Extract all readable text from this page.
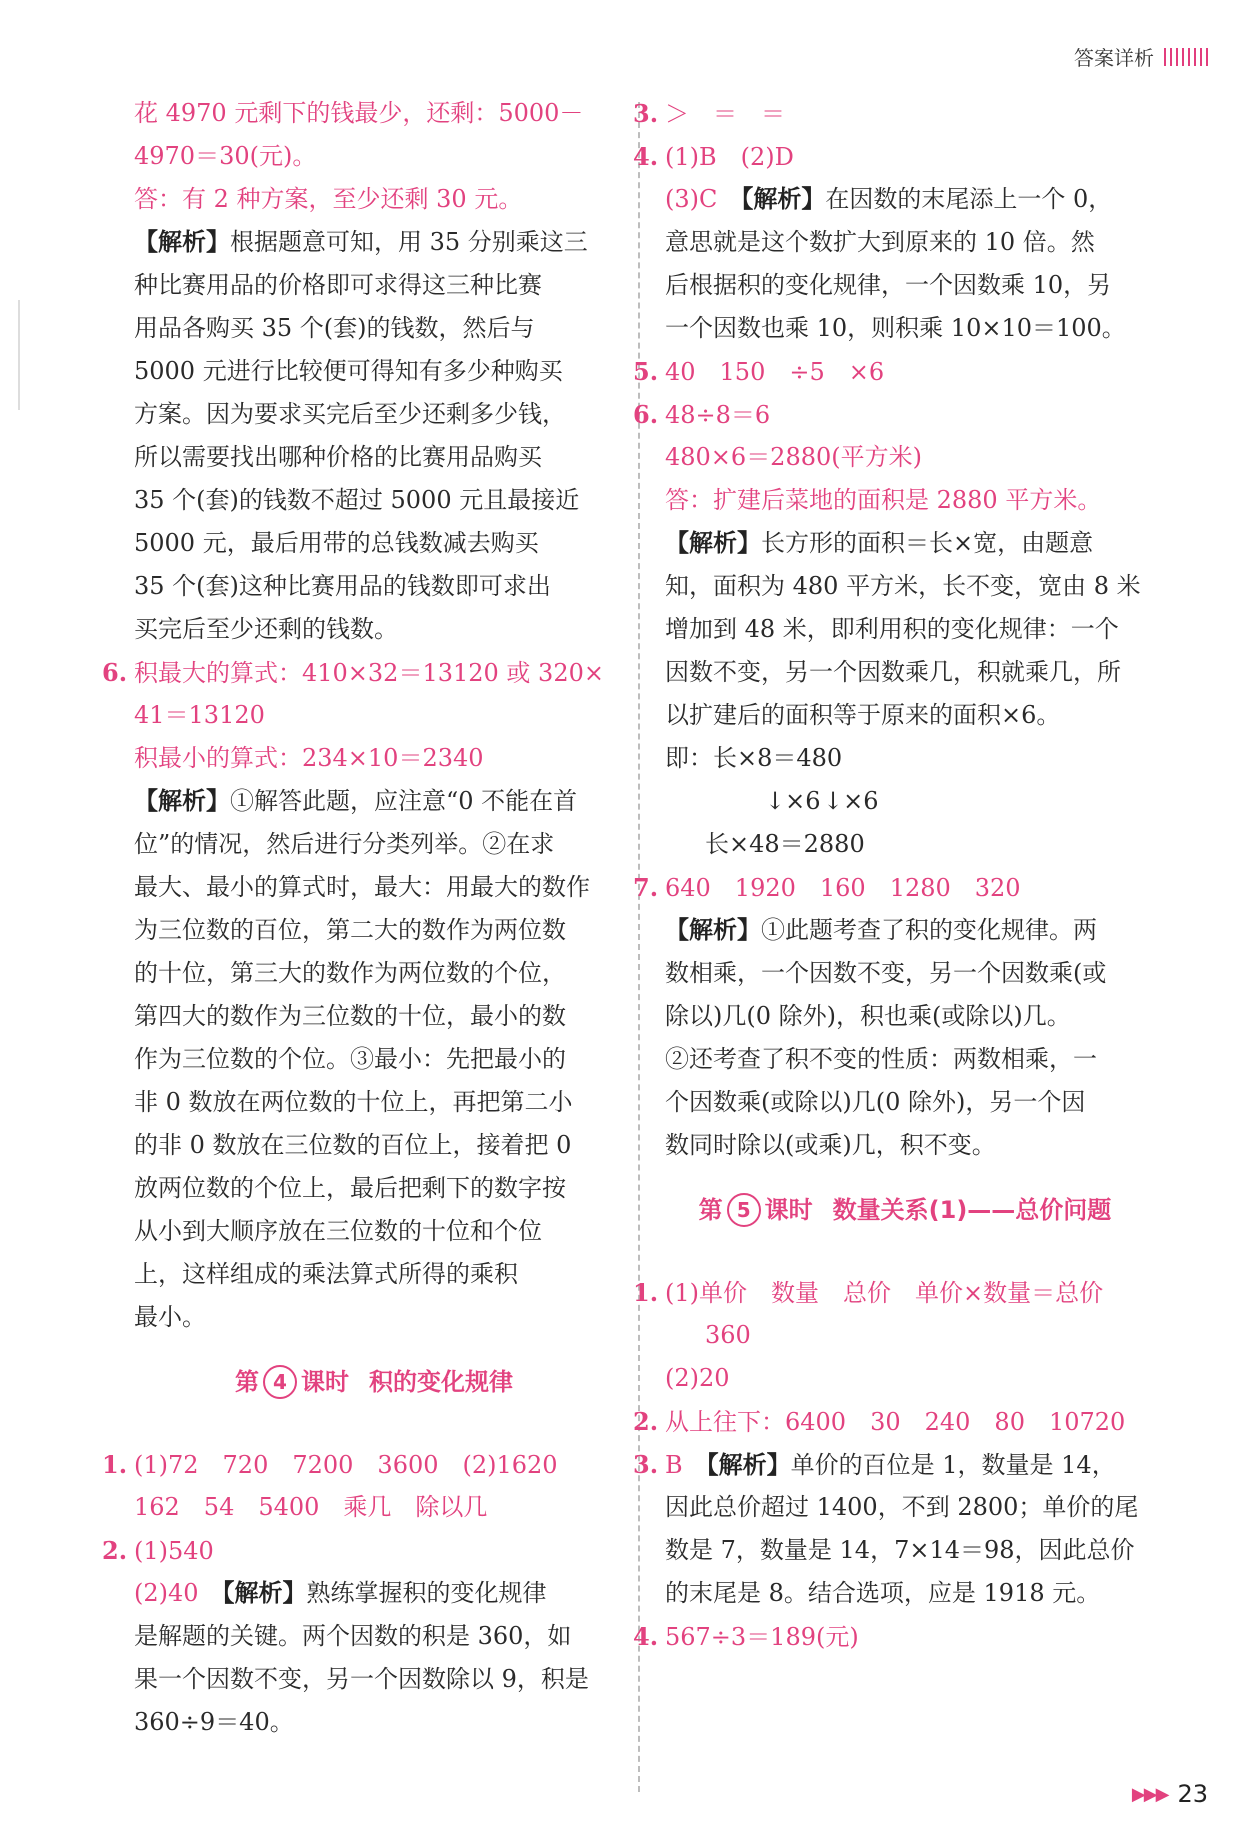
答案详析
花 4970 元剩下的钱最少，还剩：5000－
4970＝30(元)。
答：有 2 种方案，至少还剩 30 元。
【解析】根据题意可知，用 35 分别乘这三
种比赛用品的价格即可求得这三种比赛
用品各购买 35 个(套)的钱数，然后与
5000 元进行比较便可得知有多少种购买
方案。因为要求买完后至少还剩多少钱，
所以需要找出哪种价格的比赛用品购买
35 个(套)的钱数不超过 5000 元且最接近
5000 元，最后用带的总钱数减去购买
35 个(套)这种比赛用品的钱数即可求出
买完后至少还剩的钱数。
6. 积最大的算式：410×32＝13120 或 320×
41＝13120
积最小的算式：234×10＝2340
【解析】①解答此题，应注意“0 不能在首
位”的情况，然后进行分类列举。②在求
最大、最小的算式时，最大：用最大的数作
为三位数的百位，第二大的数作为两位数
的十位，第三大的数作为两位数的个位，
第四大的数作为三位数的十位，最小的数
作为三位数的个位。③最小：先把最小的
非 0 数放在两位数的十位上，再把第二小
的非 0 数放在三位数的百位上，接着把 0
放两位数的个位上，最后把剩下的数字按
从小到大顺序放在三位数的十位和个位
上，这样组成的乘法算式所得的乘积
最小。
第 4 课时 积的变化规律
1. (1)72　720　7200　3600　(2)1620
162　54　5400　乘几　除以几
2. (1)540
(2)40　 【解析】熟练掌握积的变化规律
是解题的关键。两个因数的积是 360，如
果一个因数不变，另一个因数除以 9，积是
360÷9＝40。
3. ＞　＝　＝
4. (1)B　(2)D
(3)C　 【解析】在因数的末尾添上一个 0，
意思就是这个数扩大到原来的 10 倍。然
后根据积的变化规律，一个因数乘 10，另
一个因数也乘 10，则积乘 10×10＝100。
5. 40　150　÷5　×6
6. 48÷8＝6
480×6＝2880(平方米)
答：扩建后菜地的面积是 2880 平方米。
【解析】长方形的面积＝长×宽，由题意
知，面积为 480 平方米，长不变，宽由 8 米
增加到 48 米，即利用积的变化规律：一个
因数不变，另一个因数乘几，积就乘几，所
以扩建后的面积等于原来的面积×6。
即：长×8＝480
↓×6 ↓×6
长×48＝2880
7. 640　1920　160　1280　320
【解析】①此题考查了积的变化规律。两
数相乘，一个因数不变，另一个因数乘(或
除以)几(0 除外)，积也乘(或除以)几。
②还考查了积不变的性质：两数相乘，一
个因数乘(或除以)几(0 除外)，另一个因
数同时除以(或乘)几，积不变。
第 5 课时 数量关系(1)——总价问题
1. (1)单价　数量　总价　单价×数量＝总价
360
(2)20
2. 从上往下：6400　30　240　80　10720
3. B　 【解析】单价的百位是 1，数量是 14，
因此总价超过 1400，不到 2800；单价的尾
数是 7，数量是 14，7×14＝98，因此总价
的末尾是 8。结合选项，应是 1918 元。
4. 567÷3＝189(元)
▶▶▶ 23
